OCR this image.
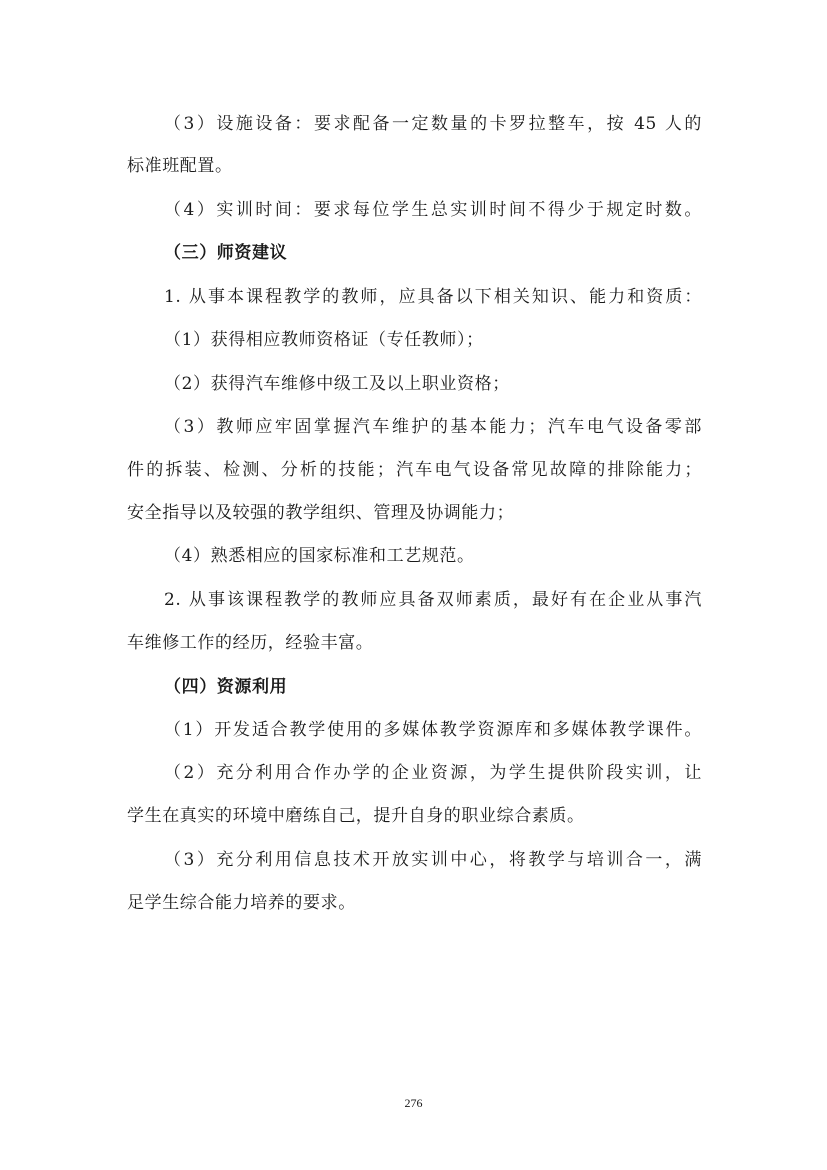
（3）设施设备：要求配备一定数量的卡罗拉整车，按 45 人的
标准班配置。
（4）实训时间：要求每位学生总实训时间不得少于规定时数。
（三）师资建议
1. 从事本课程教学的教师，应具备以下相关知识、能力和资质：
（1）获得相应教师资格证（专任教师）；
（2）获得汽车维修中级工及以上职业资格；
（3）教师应牢固掌握汽车维护的基本能力；汽车电气设备零部
件的拆装、检测、分析的技能；汽车电气设备常见故障的排除能力；
安全指导以及较强的教学组织、管理及协调能力；
（4）熟悉相应的国家标准和工艺规范。
2. 从事该课程教学的教师应具备双师素质，最好有在企业从事汽
车维修工作的经历，经验丰富。
（四）资源利用
（1）开发适合教学使用的多媒体教学资源库和多媒体教学课件。
（2）充分利用合作办学的企业资源，为学生提供阶段实训，让
学生在真实的环境中磨练自己，提升自身的职业综合素质。
（3）充分利用信息技术开放实训中心，将教学与培训合一，满
足学生综合能力培养的要求。
276
